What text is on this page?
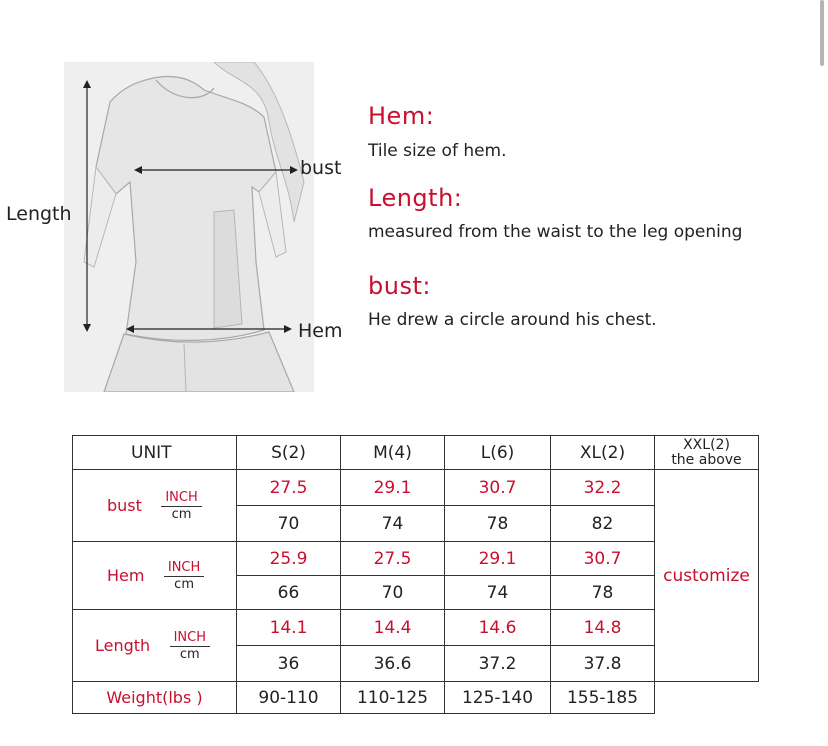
Length
bust
Hem
Hem:
Tile size of hem.
Length:
measured from the waist to the leg opening
bust:
He drew a circle around his chest.
UNIT	S(2)	M(4)	L(6)	XL(2)	XXL(2)
the above

bust INCH
cm	27.5	29.1	30.7	32.2	customize
	70	74	78	82	
Hem INCH
cm	25.9	27.5	29.1	30.7	
	66	70	74	78	
Length INCH
cm	14.1	14.4	14.6	14.8	
	36	36.6	37.2	37.8	
Weight(lbs )	90-110	110-125	125-140	155-185	
